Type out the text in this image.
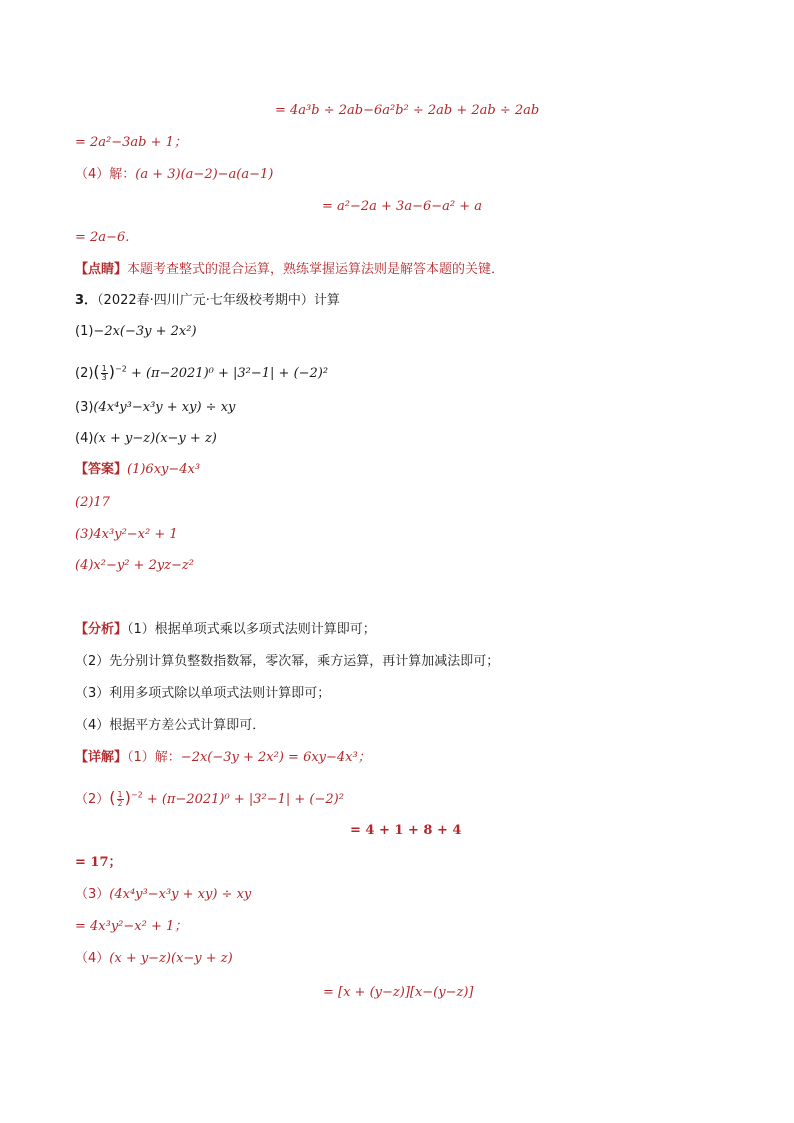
= 4a³b ÷ 2ab−6a²b² ÷ 2ab + 2ab ÷ 2ab
= 2a²−3ab + 1；
（4）解：(a + 3)(a−2)−a(a−1)
= a²−2a + 3a−6−a² + a
= 2a−6.
【点睛】本题考查整式的混合运算，熟练掌握运算法则是解答本题的关键．
3．（2022春·四川广元·七年级校考期中）计算
(1)−2x(−3y + 2x²)
$(2)( \frac{1}{3} )^{-2} + (\pi-2021)^0 + |3^2-1| + (-2)^2$
(3)(4x⁴y³−x³y + xy) ÷ xy
(4)(x + y−z)(x−y + z)
【答案】(1)6xy−4x³
(2)17
(3)4x³y²−x² + 1
(4)x²−y² + 2yz−z²
【分析】（1）根据单项式乘以多项式法则计算即可；
（2）先分别计算负整数指数幂，零次幂，乘方运算，再计算加减法即可；
（3）利用多项式除以单项式法则计算即可；
（4）根据平方差公式计算即可．
【详解】（1）解：−2x(−3y + 2x²) = 6xy−4x³；
$(2)( \frac{1}{2} )^{-2} + (\pi-2021)^0 + |3^2-1| + (-2)^2$
= 4 + 1 + 8 + 4
= 17；
（3）(4x⁴y³−x³y + xy) ÷ xy
= 4x³y²−x² + 1；
（4）(x + y−z)(x−y + z)
= [x + (y−z)][x−(y−z)]
